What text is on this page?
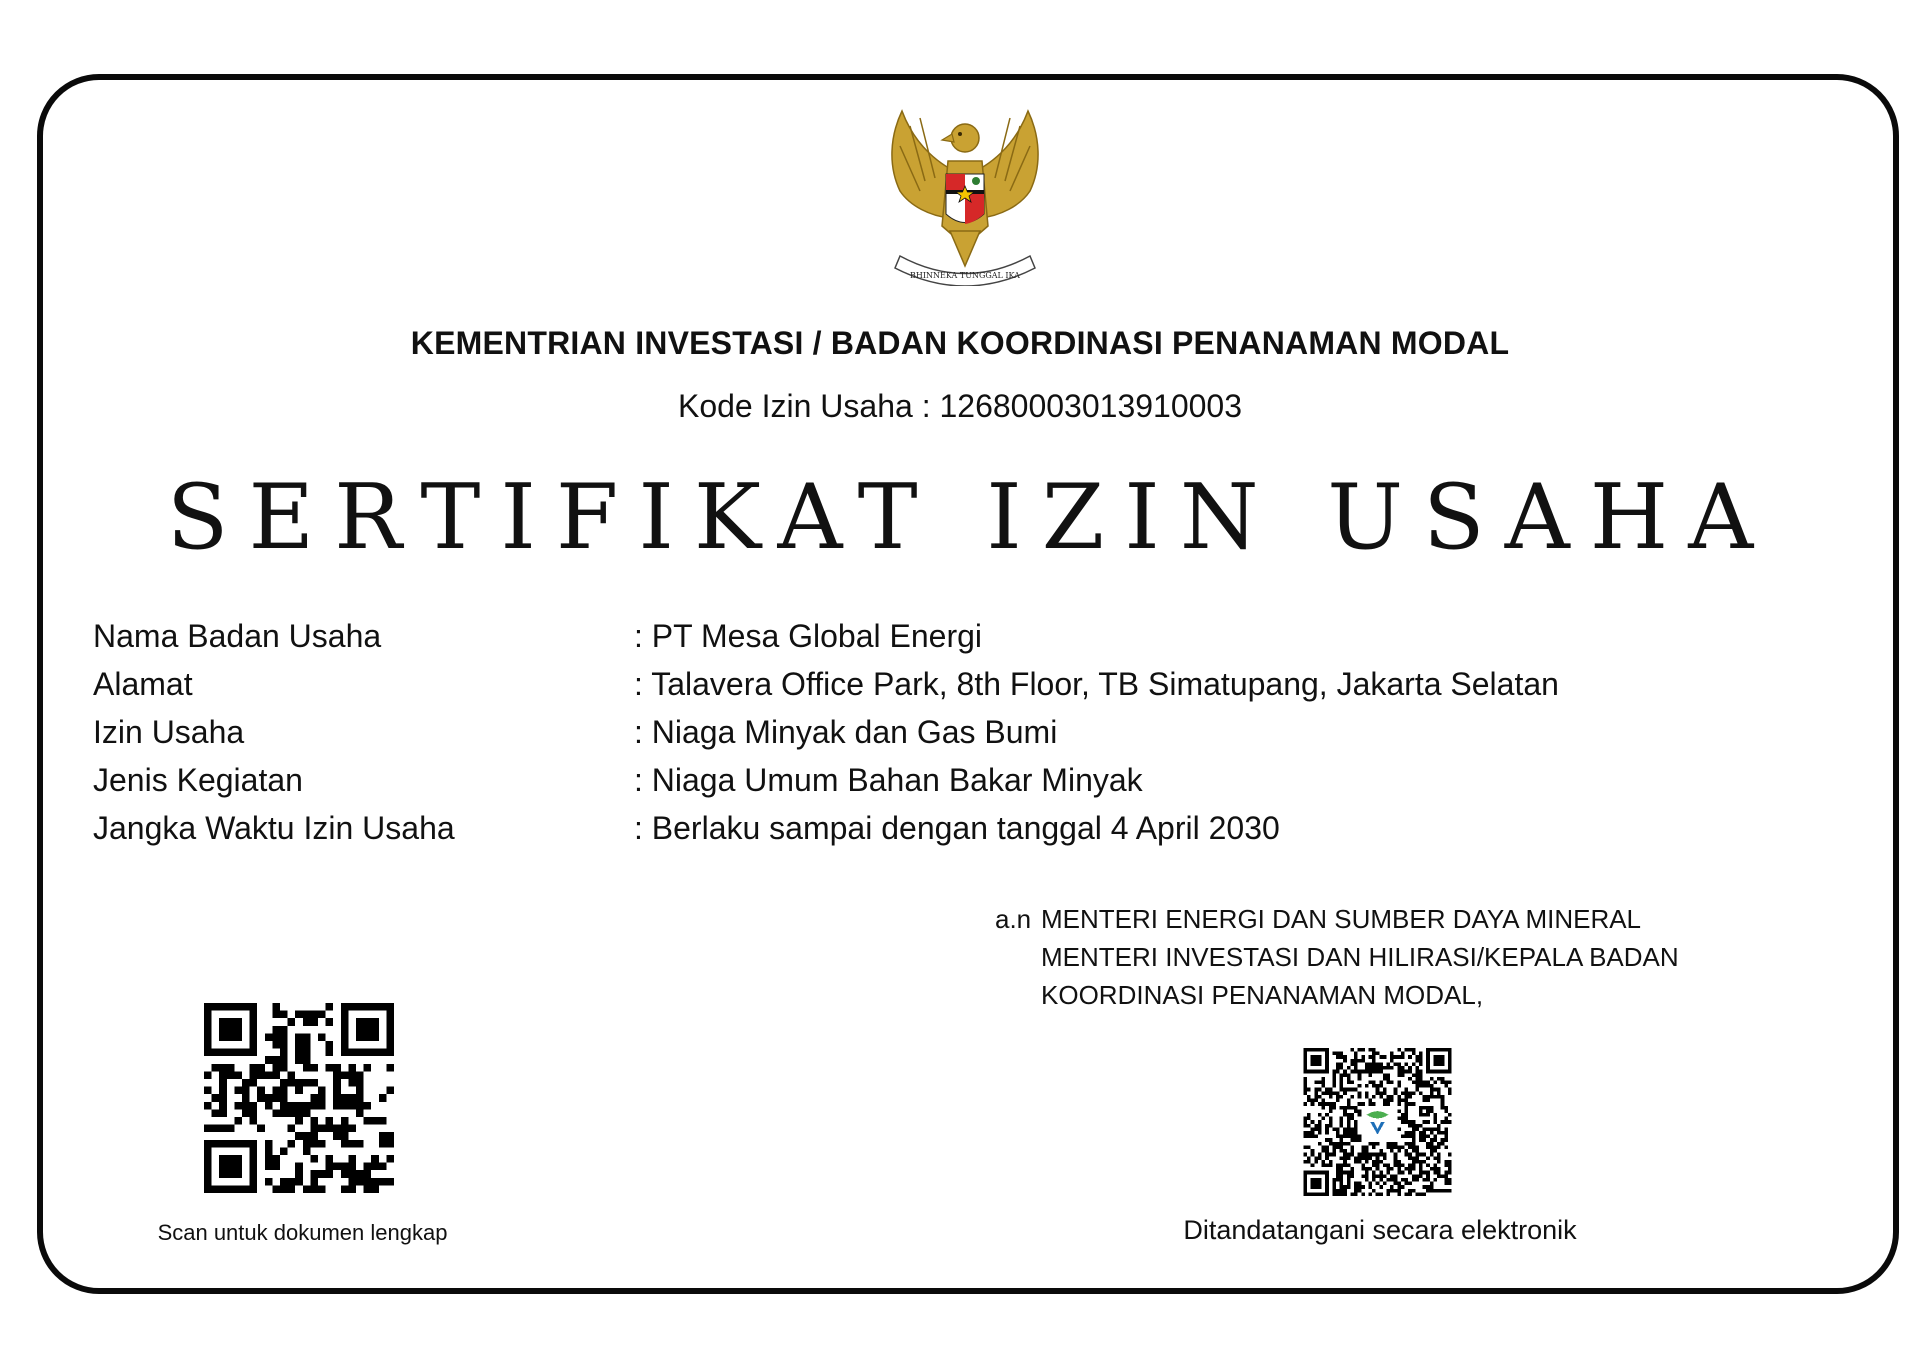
BHINNEKA TUNGGAL IKA
KEMENTRIAN INVESTASI / BADAN KOORDINASI PENANAMAN MODAL
Kode Izin Usaha : 12680003013910003
SERTIFIKAT IZIN USAHA
Nama Badan Usaha	: PT Mesa Global Energi
Alamat	: Talavera Office Park, 8th Floor, TB Simatupang, Jakarta Selatan
Izin Usaha	: Niaga Minyak dan Gas Bumi
Jenis Kegiatan	: Niaga Umum Bahan Bakar Minyak
Jangka Waktu Izin Usaha	: Berlaku sampai dengan tanggal 4 April 2030
a.n MENTERI ENERGI DAN SUMBER DAYA MINERAL
MENTERI INVESTASI DAN HILIRASI/KEPALA BADAN
KOORDINASI PENANAMAN MODAL,
Scan untuk dokumen lengkap	Ditandatangani secara elektronik
